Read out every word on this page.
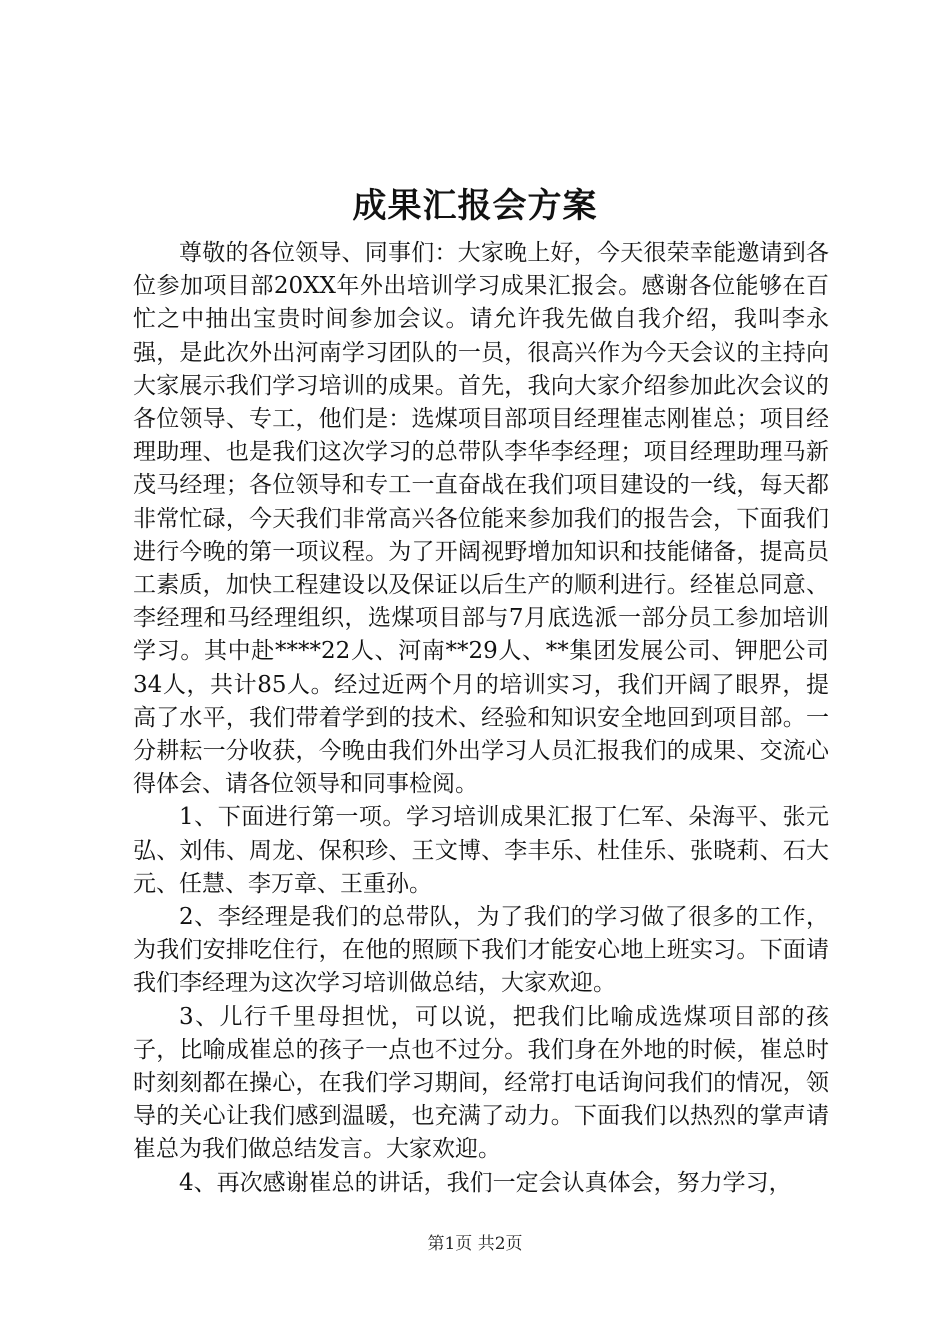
成果汇报会方案

尊敬的各位领导、同事们：大家晚上好，今天很荣幸能邀请到各位参加项目部20XX年外出培训学习成果汇报会。感谢各位能够在百忙之中抽出宝贵时间参加会议。请允许我先做自我介绍，我叫李永强，是此次外出河南学习团队的一员，很高兴作为今天会议的主持向大家展示我们学习培训的成果。首先，我向大家介绍参加此次会议的各位领导、专工，他们是：选煤项目部项目经理崔志刚崔总；项目经理助理、也是我们这次学习的总带队李华李经理；项目经理助理马新茂马经理；各位领导和专工一直奋战在我们项目建设的一线，每天都非常忙碌，今天我们非常高兴各位能来参加我们的报告会，下面我们进行今晚的第一项议程。为了开阔视野增加知识和技能储备，提高员工素质，加快工程建设以及保证以后生产的顺利进行。经崔总同意、李经理和马经理组织，选煤项目部与7月底选派一部分员工参加培训学习。其中赴****22人、河南**29人、**集团发展公司、钾肥公司34人，共计85人。经过近两个月的培训实习，我们开阔了眼界，提高了水平，我们带着学到的技术、经验和知识安全地回到项目部。一分耕耘一分收获，今晚由我们外出学习人员汇报我们的成果、交流心得体会、请各位领导和同事检阅。

1、下面进行第一项。学习培训成果汇报丁仁军、朵海平、张元弘、刘伟、周龙、保积珍、王文博、李丰乐、杜佳乐、张晓莉、石大元、任慧、李万章、王重孙。

2、李经理是我们的总带队，为了我们的学习做了很多的工作，为我们安排吃住行，在他的照顾下我们才能安心地上班实习。下面请我们李经理为这次学习培训做总结，大家欢迎。

3、儿行千里母担忧，可以说，把我们比喻成选煤项目部的孩子，比喻成崔总的孩子一点也不过分。我们身在外地的时候，崔总时时刻刻都在操心，在我们学习期间，经常打电话询问我们的情况，领导的关心让我们感到温暖，也充满了动力。下面我们以热烈的掌声请崔总为我们做总结发言。大家欢迎。

4、再次感谢崔总的讲话，我们一定会认真体会，努力学习，

第1页 共2页
